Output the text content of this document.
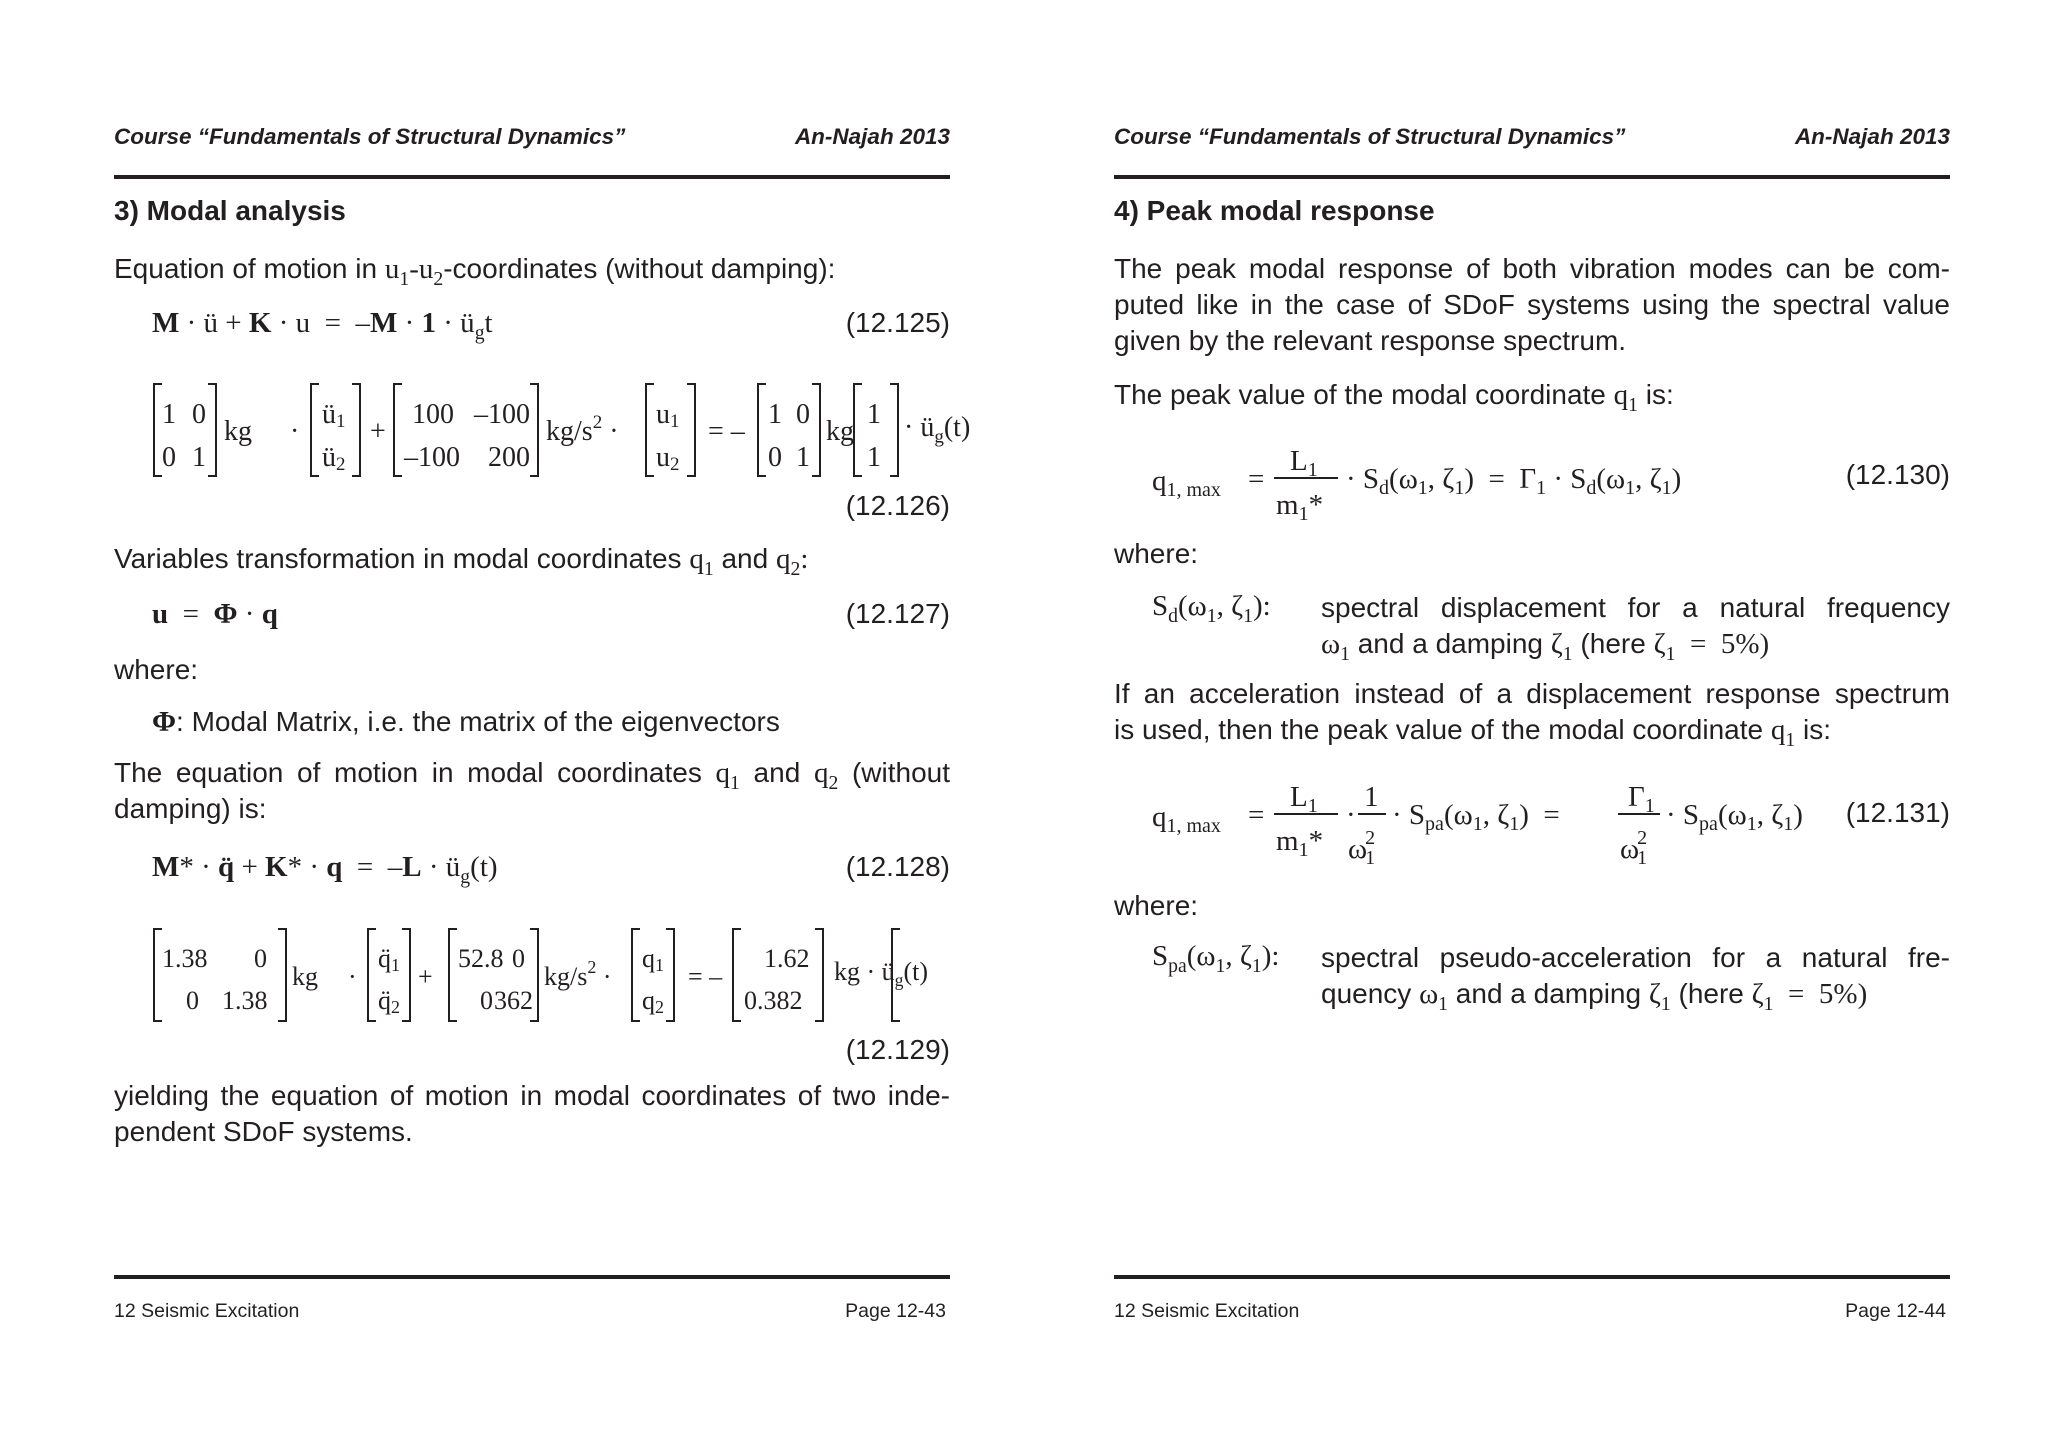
Course “Fundamentals of Structural Dynamics”	An-Najah 2013
3) Modal analysis
Equation of motion in $u_1-u_2$-coordinates (without damping):
M · ü + $K \cdot u = -M \cdot 1 \cdot ü_gt$	(12.125)
1 0
0 1
kg ·
ü1
ü2
+
100 –100
–100 200
$kg/s^2$ ·
u1
u2
= –
1 0
0 1
kg
1
1
· $ü_g(t)$
(12.126)
Variables transformation in modal coordinates $q_1$ and $q_2$:
u  =  Φ · q	(12.127)
where:
Φ: Modal Matrix, i.e. the matrix of the eigenvectors
The equation of motion in modal coordinates $q_1$ and $q_2$ (without
damping) is:
M* · q̈ + $K* \cdot q = -L \cdot ü_g(t)$	(12.128)
1.38 0
0 1.38
kg ·
q̈1
q̈2
+
52.8 0
0 362
$kg/s^2$ ·
q1
q2
= –
1.62
0.382
kg · $ü_g(t)$
(12.129)
yielding the equation of motion in modal coordinates of two inde-
pendent SDoF systems.
12 Seismic Excitation	Page 12-43
Course “Fundamentals of Structural Dynamics”	An-Najah 2013
4) Peak modal response
The peak modal response of both vibration modes can be com-
puted like in the case of SDoF systems using the spectral value
given by the relevant response spectrum.
The peak value of the modal coordinate $q_1$ is:
$q_{1, max}$ =
$L_1$
$m_1*$
· $S_d(\omega_1$, $\zeta_1) = \Gamma_1 \cdot S_d(\omega_1$, $\zeta_1$)	(12.130)
where:
$S_d(\omega_1$, $\zeta_1$): spectral displacement for a natural frequency
$\omega_1$ and a damping $\zeta_1$ (here $\zeta_1 = 5\%$)
If an acceleration instead of a displacement response spectrum
is used, then the peak value of the modal coordinate $q_1$ is:
$q_{1, max}$ =
$L_1$
$m_1*$
·
1
ω2 1
· $S_{pa}(\omega_1$, $\zeta_1$)  =
$\Gamma_1$
ω2 1
· $S_{pa}(\omega_1$, $\zeta_1$) (12.131)
where:
$S_{pa}(\omega_1$, $\zeta_1$): spectral pseudo-acceleration for a natural fre-
quency $\omega_1$ and a damping $\zeta_1$ (here $\zeta_1 = 5\%$)
12 Seismic Excitation	Page 12-44
